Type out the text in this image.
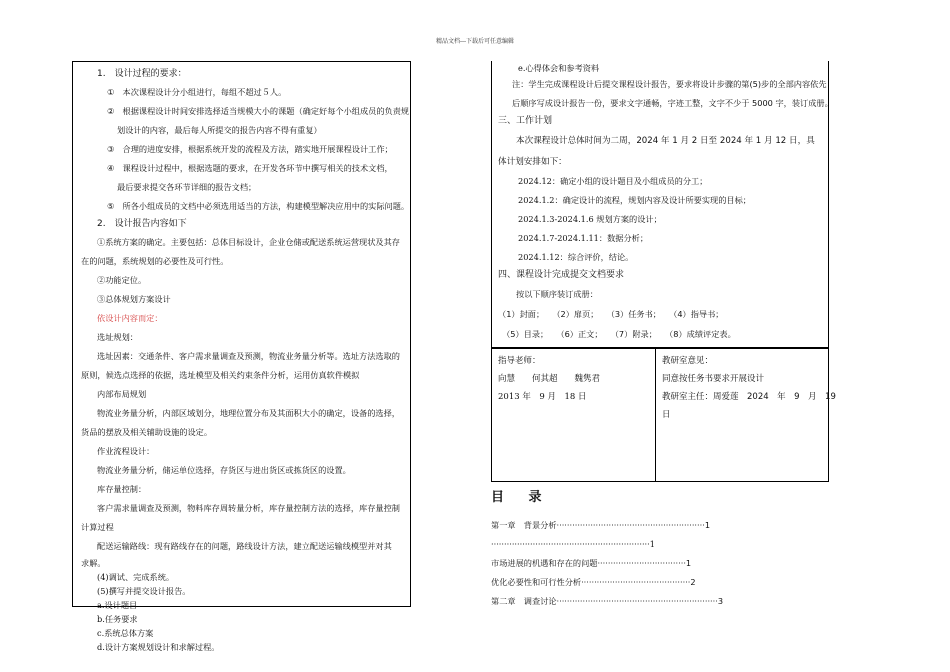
精品文档---下载后可任意编辑
1.　设计过程的要求：
①　本次课程设计分小组进行，每组不超过５人。
②　根据课程设计时间安排选择适当规模大小的课题（确定好每个小组成员的负责规
划设计的内容，最后每人所提交的报告内容不得有重复）
③　合理的进度安排，根据系统开发的流程及方法，踏实地开展课程设计工作；
④　课程设计过程中，根据选题的要求，在开发各环节中撰写相关的技术文档，
最后要求提交各环节详细的报告文档；
⑤　所各小组成员的文档中必须选用适当的方法，构建模型解决应用中的实际问题。
2.　设计报告内容如下
①系统方案的确定。主要包括：总体目标设计，企业仓储或配送系统运营现状及其存
在的问题，系统规划的必要性及可行性。
②功能定位。
③总体规划方案设计
依设计内容而定：
选址规划：
选址因素：交通条件、客户需求量调查及预测，物流业务量分析等。选址方法选取的
原则，候选点选择的依据，选址模型及相关约束条件分析，运用仿真软件模拟
内部布局规划
物流业务量分析，内部区域划分，地理位置分布及其面积大小的确定，设备的选择，
货品的摆放及相关辅助设施的设定。
作业流程设计：
物流业务量分析，储运单位选择，存货区与进出货区或拣货区的设置。
库存量控制：
客户需求量调查及预测，物料库存周转量分析，库存量控制方法的选择，库存量控制
计算过程
配送运输路线：现有路线存在的问题，路线设计方法，建立配送运输线模型并对其
求解。
(4)调试、完成系统。
(5)撰写并提交设计报告。
a.设计题目
b.任务要求
c.系统总体方案
d.设计方案规划设计和求解过程。
e.心得体会和参考资料
注：学生完成课程设计后提交课程设计报告，要求将设计步骤的第(5)步的全部内容依先
后顺序写成设计报告一份，要求文字通畅，字迹工整，文字不少于 5000 字，装订成册。
三、工作计划
本次课程设计总体时间为二周，2024 年 1 月 2 日至 2024 年 1 月 12 日，具
体计划安排如下：
2024.12：确定小组的设计题目及小组成员的分工；
2024.1.2：确定设计的流程，规划内容及设计所要实现的目标；
2024.1.3-2024.1.6 规划方案的设计；
2024.1.7-2024.1.11：数据分析；
2024.1.12：综合评价，结论。
四、课程设计完成提交文档要求
按以下顺序装订成册：
（1）封面；　　（2）扉页；　　（3）任务书；　　（4）指导书；
　（5）目录；　　（6）正文；　　（7）附录；　　（8）成绩评定表。
指导老师：
向慧　　何其超　　魏隽君
2013 年　9 月　18 日
教研室意见：
同意按任务书要求开展设计
教研室主任：周爱莲　2024　年　9　月　19
日
目 录
第一章　背景分析·························································1
·····························································1
市场进展的机遇和存在的问题··································1
优化必要性和可行性分析··········································2
第二章　调查讨论······························································3
